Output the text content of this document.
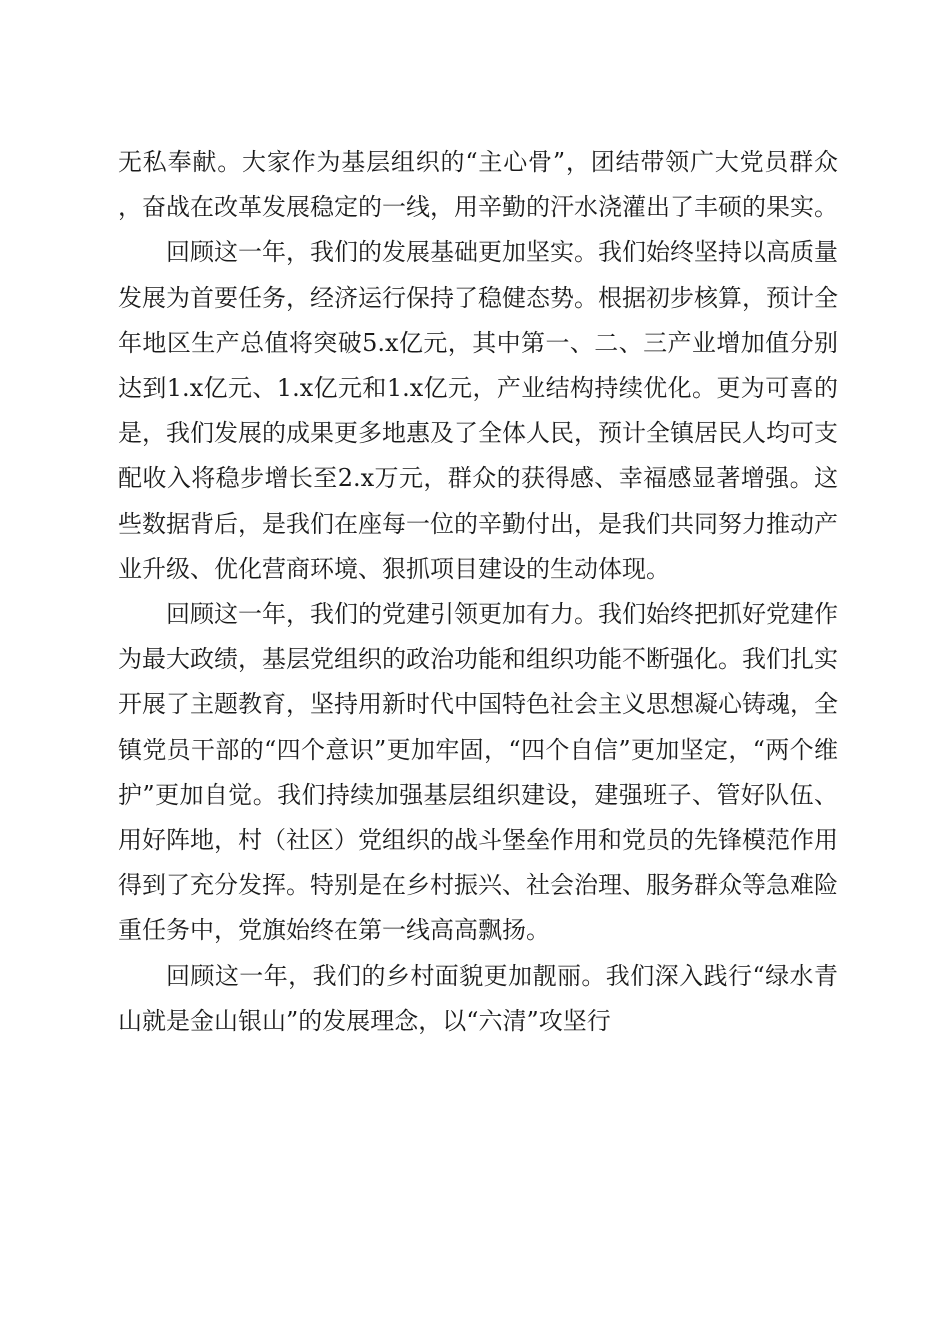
无私奉献。大家作为基层组织的“主心骨”，团结带领广大党员群众，奋战在改革发展稳定的一线，用辛勤的汗水浇灌出了丰硕的果实。

回顾这一年，我们的发展基础更加坚实。我们始终坚持以高质量发展为首要任务，经济运行保持了稳健态势。根据初步核算，预计全年地区生产总值将突破5.x亿元，其中第一、二、三产业增加值分别达到1.x亿元、1.x亿元和1.x亿元，产业结构持续优化。更为可喜的是，我们发展的成果更多地惠及了全体人民，预计全镇居民人均可支配收入将稳步增长至2.x万元，群众的获得感、幸福感显著增强。这些数据背后，是我们在座每一位的辛勤付出，是我们共同努力推动产业升级、优化营商环境、狠抓项目建设的生动体现。

回顾这一年，我们的党建引领更加有力。我们始终把抓好党建作为最大政绩，基层党组织的政治功能和组织功能不断强化。我们扎实开展了主题教育，坚持用新时代中国特色社会主义思想凝心铸魂，全镇党员干部的“四个意识”更加牢固，“四个自信”更加坚定，“两个维护”更加自觉。我们持续加强基层组织建设，建强班子、管好队伍、用好阵地，村（社区）党组织的战斗堡垒作用和党员的先锋模范作用得到了充分发挥。特别是在乡村振兴、社会治理、服务群众等急难险重任务中，党旗始终在第一线高高飘扬。

回顾这一年，我们的乡村面貌更加靓丽。我们深入践行“绿水青山就是金山银山”的发展理念，以“六清”攻坚行
